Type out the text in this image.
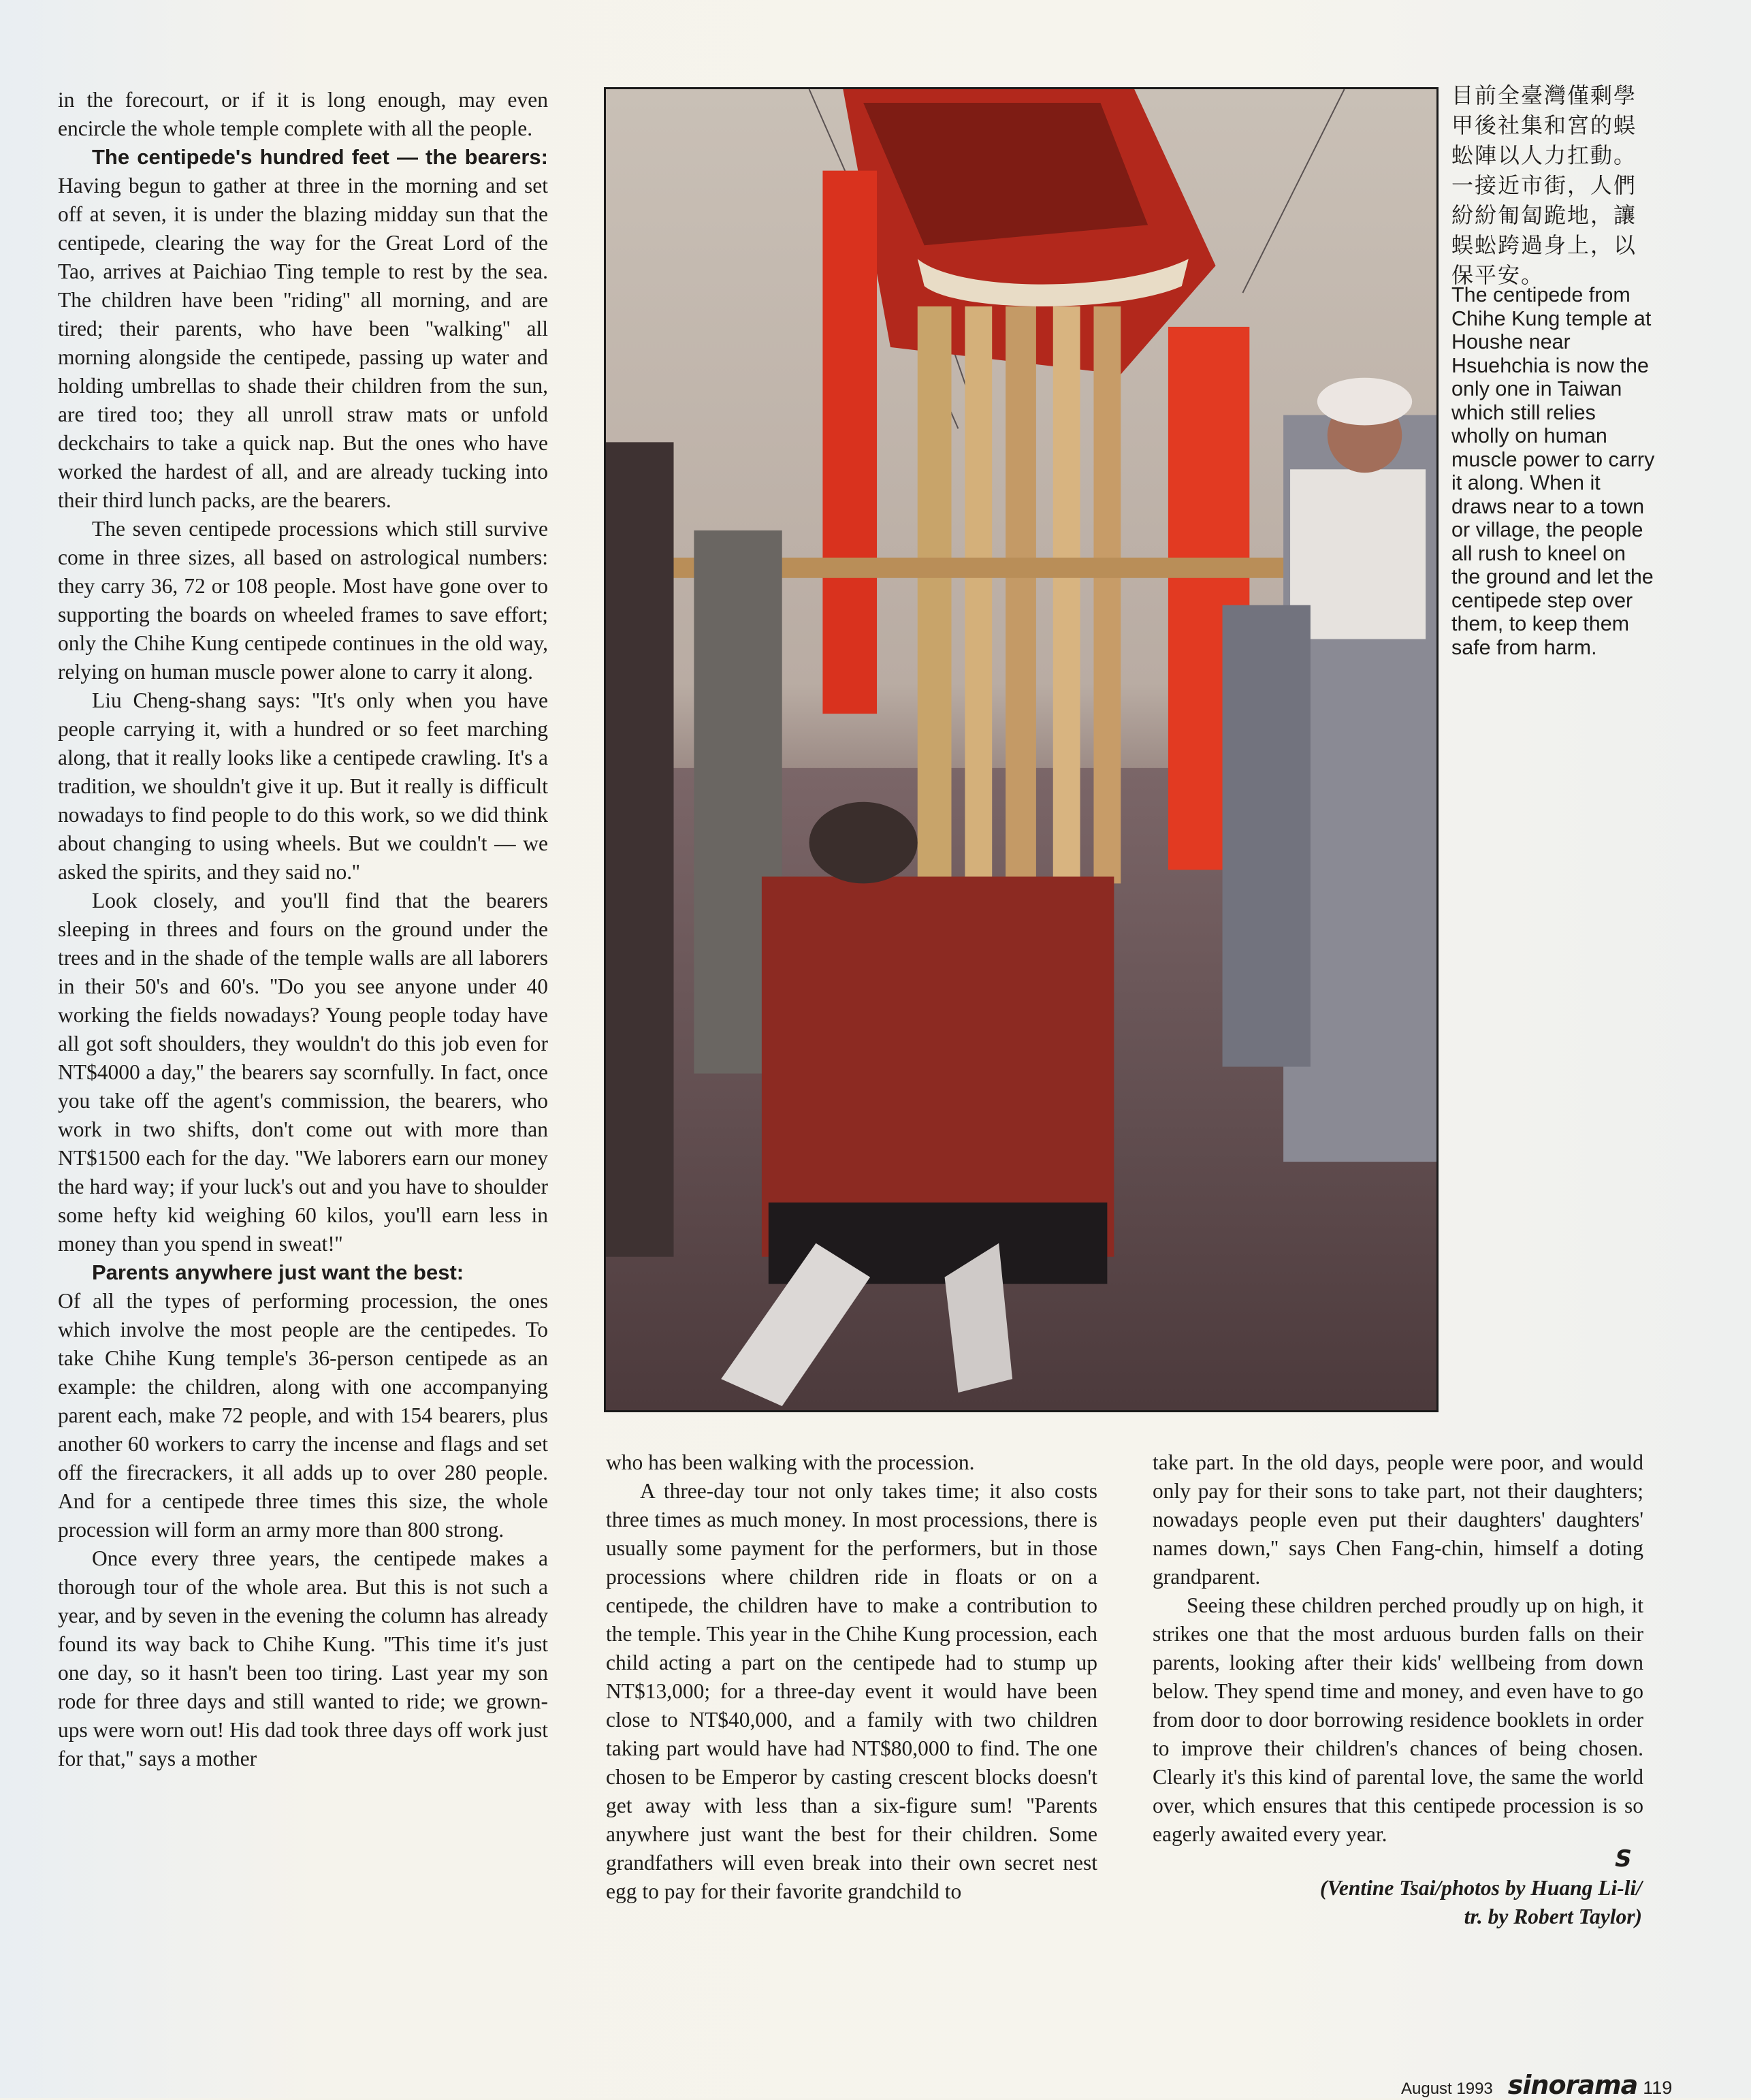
in the forecourt, or if it is long enough, may even encircle the whole temple complete with all the people.

The centipede's hundred feet — the bearers: Having begun to gather at three in the morning and set off at seven, it is under the blazing midday sun that the centipede, clearing the way for the Great Lord of the Tao, arrives at Paichiao Ting temple to rest by the sea. The children have been ''riding'' all morning, and are tired; their parents, who have been ''walking'' all morning alongside the centipede, passing up water and holding umbrellas to shade their children from the sun, are tired too; they all unroll straw mats or unfold deckchairs to take a quick nap. But the ones who have worked the hardest of all, and are already tucking into their third lunch packs, are the bearers.

The seven centipede processions which still survive come in three sizes, all based on astrological numbers: they carry 36, 72 or 108 people. Most have gone over to supporting the boards on wheeled frames to save effort; only the Chihe Kung centipede continues in the old way, relying on human muscle power alone to carry it along.

Liu Cheng-shang says: ''It's only when you have people carrying it, with a hundred or so feet marching along, that it really looks like a centipede crawling. It's a tradition, we shouldn't give it up. But it really is difficult nowadays to find people to do this work, so we did think about changing to using wheels. But we couldn't — we asked the spirits, and they said no.''

Look closely, and you'll find that the bearers sleeping in threes and fours on the ground under the trees and in the shade of the temple walls are all laborers in their 50's and 60's. ''Do you see anyone under 40 working the fields nowadays? Young people today have all got soft shoulders, they wouldn't do this job even for NT$4000 a day,'' the bearers say scornfully. In fact, once you take off the agent's commission, the bearers, who work in two shifts, don't come out with more than NT$1500 each for the day. ''We laborers earn our money the hard way; if your luck's out and you have to shoulder some hefty kid weighing 60 kilos, you'll earn less in money than you spend in sweat!''

Parents anywhere just want the best:

Of all the types of performing procession, the ones which involve the most people are the centipedes. To take Chihe Kung temple's 36-person centipede as an example: the children, along with one accompanying parent each, make 72 people, and with 154 bearers, plus another 60 workers to carry the incense and flags and set off the firecrackers, it all adds up to over 280 people. And for a centipede three times this size, the whole procession will form an army more than 800 strong.

Once every three years, the centipede makes a thorough tour of the whole area. But this is not such a year, and by seven in the evening the column has already found its way back to Chihe Kung. ''This time it's just one day, so it hasn't been too tiring. Last year my son rode for three days and still wanted to ride; we grown-ups were worn out! His dad took three days off work just for that,'' says a mother

目前全臺灣僅剩學甲後社集和宮的蜈蚣陣以人力扛動。一接近市街，人們紛紛匍匐跪地，讓蜈蚣跨過身上，以保平安。
The centipede from Chihe Kung temple at Houshe near Hsuehchia is now the only one in Taiwan which still relies wholly on human muscle power to carry it along. When it draws near to a town or village, the people all rush to kneel on the ground and let the centipede step over them, to keep them safe from harm.

who has been walking with the procession.

A three-day tour not only takes time; it also costs three times as much money. In most processions, there is usually some payment for the performers, but in those processions where children ride in floats or on a centipede, the children have to make a contribution to the temple. This year in the Chihe Kung procession, each child acting a part on the centipede had to stump up NT$13,000; for a three-day event it would have been close to NT$40,000, and a family with two children taking part would have had NT$80,000 to find. The one chosen to be Emperor by casting crescent blocks doesn't get away with less than a six-figure sum! ''Parents anywhere just want the best for their children. Some grandfathers will even break into their own secret nest egg to pay for their favorite grandchild to

take part. In the old days, people were poor, and would only pay for their sons to take part, not their daughters; nowadays people even put their daughters' daughters' names down,'' says Chen Fang-chin, himself a doting grandparent.

Seeing these children perched proudly up on high, it strikes one that the most arduous burden falls on their parents, looking after their kids' wellbeing from down below. They spend time and money, and even have to go from door to door borrowing residence booklets in order to improve their children's chances of being chosen. Clearly it's this kind of parental love, the same the world over, which ensures that this centipede procession is so eagerly awaited every year.

S
(Ventine Tsai/photos by Huang Li-li/
tr. by Robert Taylor)
August 1993 sinorama 119
